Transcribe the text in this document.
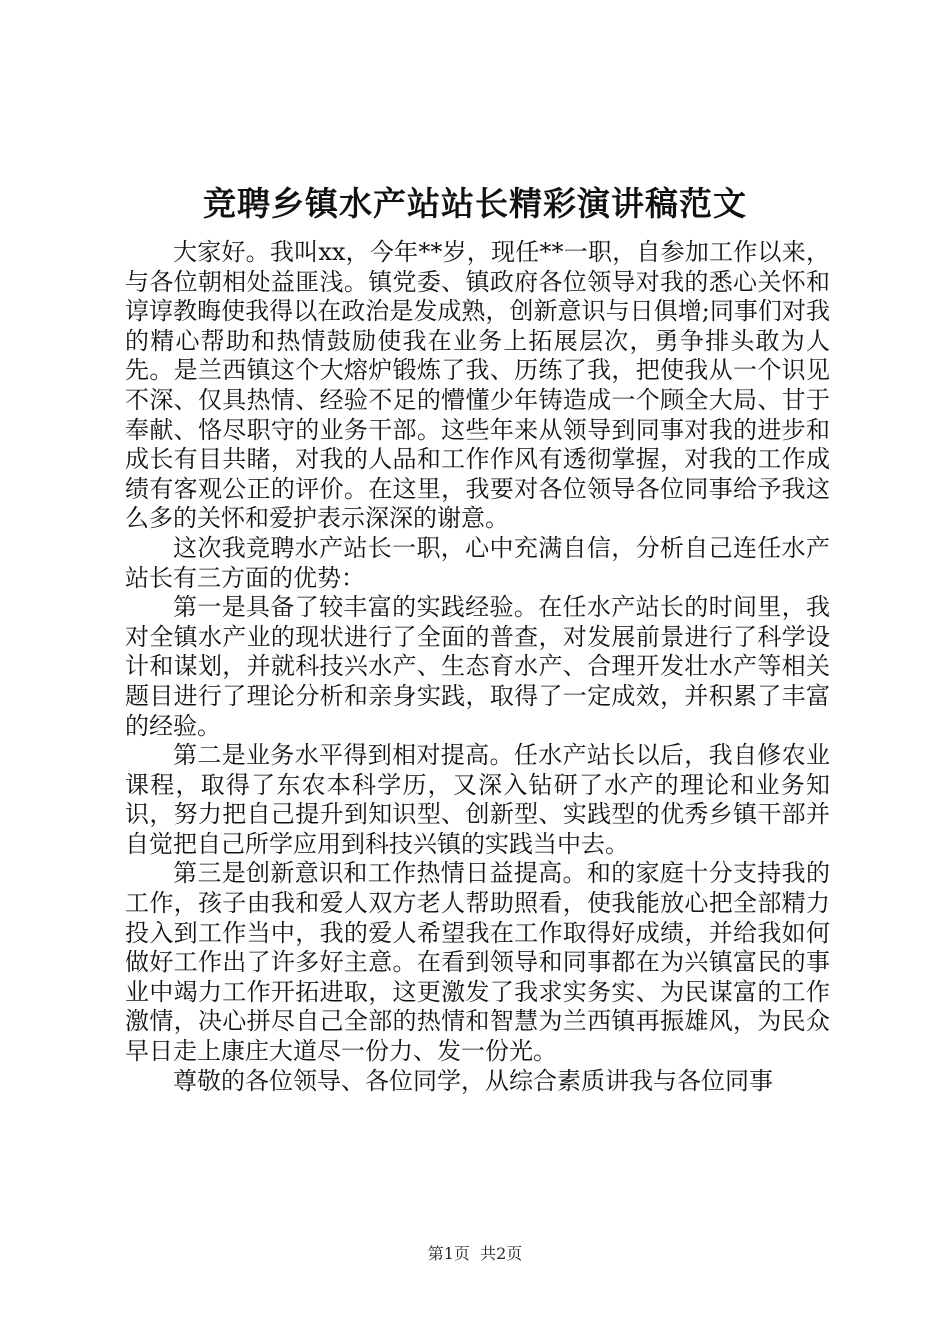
竞聘乡镇水产站站长精彩演讲稿范文

大家好。我叫xx，今年**岁，现任**一职，自参加工作以来，与各位朝相处益匪浅。镇党委、镇政府各位领导对我的悉心关怀和谆谆教晦使我得以在政治是发成熟，创新意识与日俱增;同事们对我的精心帮助和热情鼓励使我在业务上拓展层次，勇争排头敢为人先。是兰西镇这个大熔炉锻炼了我、历练了我，把使我从一个识见不深、仅具热情、经验不足的懵懂少年铸造成一个顾全大局、甘于奉献、恪尽职守的业务干部。这些年来从领导到同事对我的进步和成长有目共睹，对我的人品和工作作风有透彻掌握，对我的工作成绩有客观公正的评价。在这里，我要对各位领导各位同事给予我这么多的关怀和爱护表示深深的谢意。

这次我竞聘水产站长一职，心中充满自信，分析自己连任水产站长有三方面的优势：

第一是具备了较丰富的实践经验。在任水产站长的时间里，我对全镇水产业的现状进行了全面的普查，对发展前景进行了科学设计和谋划，并就科技兴水产、生态育水产、合理开发壮水产等相关题目进行了理论分析和亲身实践，取得了一定成效，并积累了丰富的经验。

第二是业务水平得到相对提高。任水产站长以后，我自修农业课程，取得了东农本科学历，又深入钻研了水产的理论和业务知识，努力把自己提升到知识型、创新型、实践型的优秀乡镇干部并自觉把自己所学应用到科技兴镇的实践当中去。

第三是创新意识和工作热情日益提高。和的家庭十分支持我的工作，孩子由我和爱人双方老人帮助照看，使我能放心把全部精力投入到工作当中，我的爱人希望我在工作取得好成绩，并给我如何做好工作出了许多好主意。在看到领导和同事都在为兴镇富民的事业中竭力工作开拓进取，这更激发了我求实务实、为民谋富的工作激情，决心拼尽自己全部的热情和智慧为兰西镇再振雄风，为民众早日走上康庄大道尽一份力、发一份光。

尊敬的各位领导、各位同学，从综合素质讲我与各位同事

第1页 共2页
